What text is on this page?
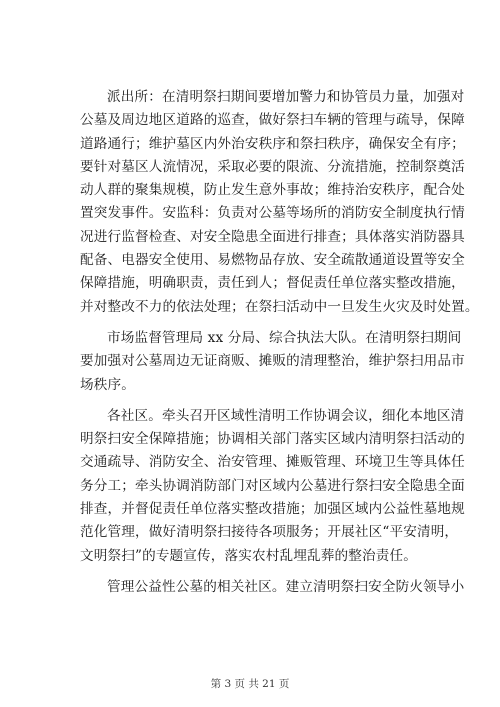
派出所：在清明祭扫期间要增加警力和协管员力量，加强对
公墓及周边地区道路的巡查，做好祭扫车辆的管理与疏导，保障
道路通行；维护墓区内外治安秩序和祭扫秩序，确保安全有序；
要针对墓区人流情况，采取必要的限流、分流措施，控制祭奠活
动人群的聚集规模，防止发生意外事故；维持治安秩序，配合处
置突发事件。安监科：负责对公墓等场所的消防安全制度执行情
况进行监督检查、对安全隐患全面进行排查；具体落实消防器具
配备、电器安全使用、易燃物品存放、安全疏散通道设置等安全
保障措施，明确职责，责任到人；督促责任单位落实整改措施，
并对整改不力的依法处理；在祭扫活动中一旦发生火灾及时处置。

市场监督管理局 xx 分局、综合执法大队。在清明祭扫期间
要加强对公墓周边无证商贩、摊贩的清理整治，维护祭扫用品市
场秩序。

各社区。牵头召开区域性清明工作协调会议，细化本地区清
明祭扫安全保障措施；协调相关部门落实区域内清明祭扫活动的
交通疏导、消防安全、治安管理、摊贩管理、环境卫生等具体任
务分工；牵头协调消防部门对区域内公墓进行祭扫安全隐患全面
排查，并督促责任单位落实整改措施；加强区域内公益性墓地规
范化管理，做好清明祭扫接待各项服务；开展社区“平安清明，
文明祭扫”的专题宣传，落实农村乱埋乱葬的整治责任。

管理公益性公墓的相关社区。建立清明祭扫安全防火领导小

第 3 页 共 21 页
